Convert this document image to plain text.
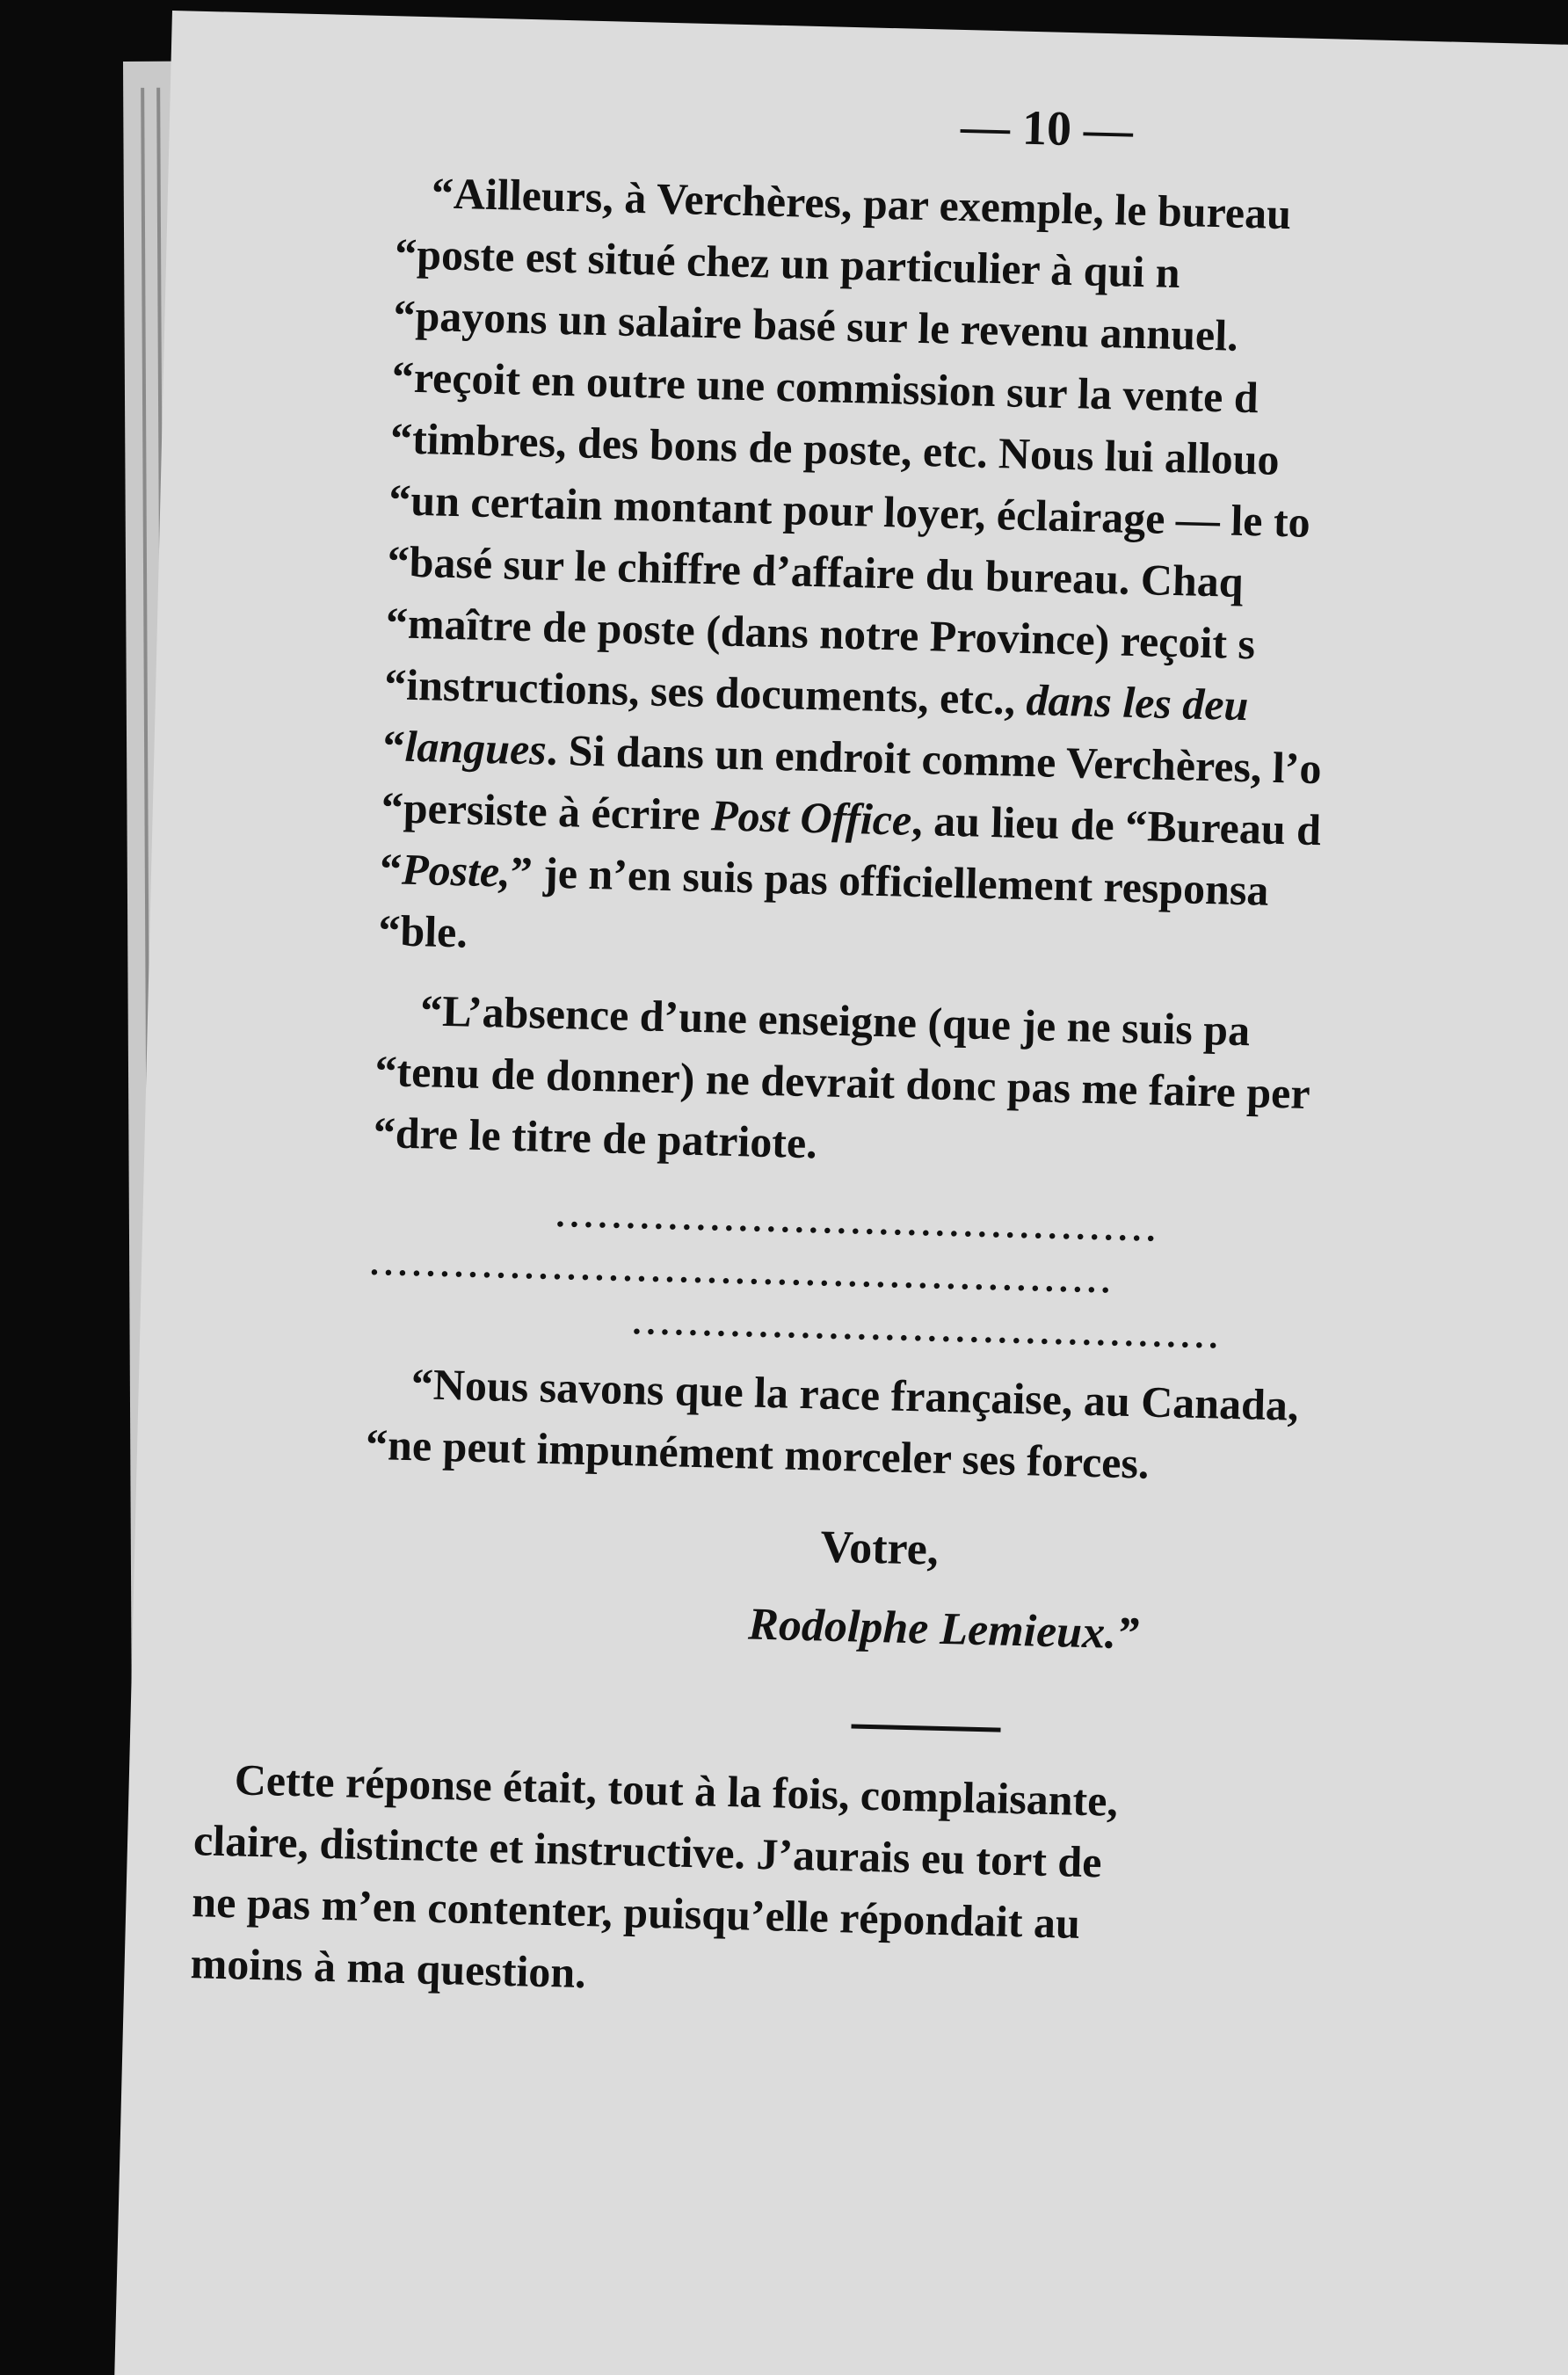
— 10 —
“Ailleurs, à Verchères, par exemple, le bureau
“poste est situé chez un particulier à qui n
“payons un salaire basé sur le revenu annuel.
“reçoit en outre une commission sur la vente d
“timbres, des bons de poste, etc. Nous lui allouo
“un certain montant pour loyer, éclairage — le to
“basé sur le chiffre d’affaire du bureau. Chaq
“maître de poste (dans notre Province) reçoit s
“instructions, ses documents, etc., dans les deu
“langues. Si dans un endroit comme Verchères, l’o
“persiste à écrire Post Office, au lieu de “Bureau d
“Poste,” je n’en suis pas officiellement responsa
“ble.
“L’absence d’une enseigne (que je ne suis pa
“tenu de donner) ne devrait donc pas me faire per
“dre le titre de patriote.
...........................................
.....................................................
..........................................
“Nous savons que la race française, au Canada,
“ne peut impunément morceler ses forces.
Votre,
Rodolphe Lemieux.”
Cette réponse était, tout à la fois, complaisante,
claire, distincte et instructive. J’aurais eu tort de
ne pas m’en contenter, puisqu’elle répondait au
moins à ma question.
